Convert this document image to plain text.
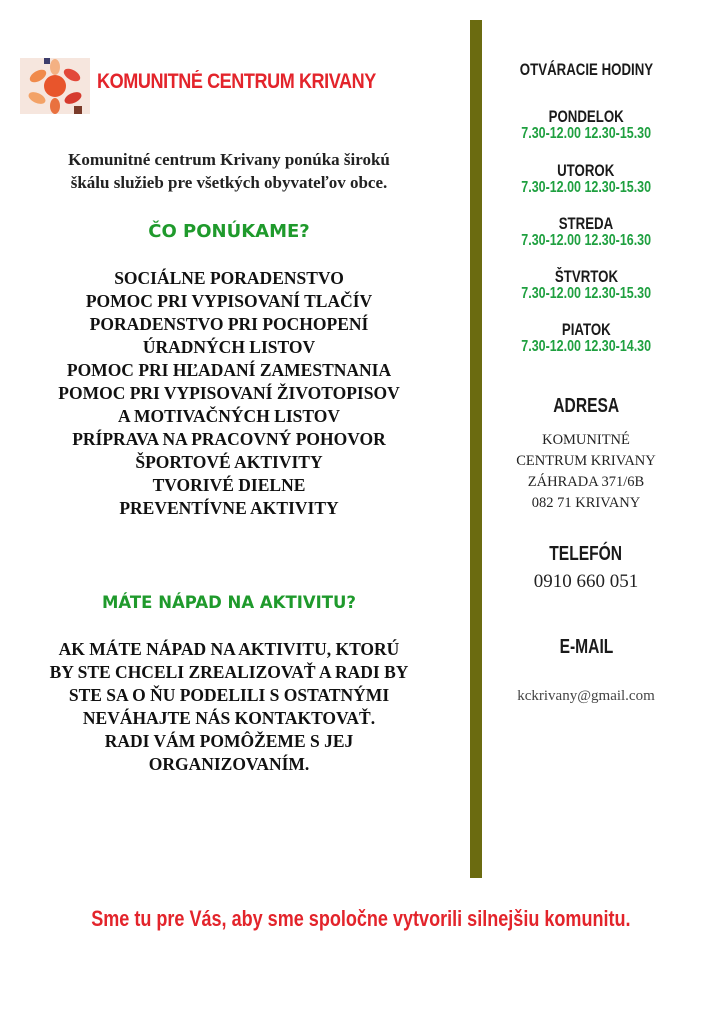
KOMUNITNÉ CENTRUM KRIVANY
Komunitné centrum Krivany ponúka širokú
škálu služieb pre všetkých obyvateľov obce.
ČO PONÚKAME?
SOCIÁLNE PORADENSTVO
POMOC PRI VYPISOVANÍ TLAČÍV
PORADENSTVO PRI POCHOPENÍ
ÚRADNÝCH LISTOV
POMOC PRI HĽADANÍ ZAMESTNANIA
POMOC PRI VYPISOVANÍ ŽIVOTOPISOV
A MOTIVAČNÝCH LISTOV
PRÍPRAVA NA PRACOVNÝ POHOVOR
ŠPORTOVÉ AKTIVITY
TVORIVÉ DIELNE
PREVENTÍVNE AKTIVITY
MÁTE NÁPAD NA AKTIVITU?
AK MÁTE NÁPAD NA AKTIVITU, KTORÚ
BY STE CHCELI ZREALIZOVAŤ A RADI BY
STE SA O ŇU PODELILI S OSTATNÝMI
NEVÁHAJTE NÁS KONTAKTOVAŤ.
RADI VÁM POMÔŽEME S JEJ
ORGANIZOVANÍM.
OTVÁRACIE HODINY
PONDELOK
7.30-12.00 12.30-15.30
UTOROK
7.30-12.00 12.30-15.30
STREDA
7.30-12.00 12.30-16.30
ŠTVRTOK
7.30-12.00 12.30-15.30
PIATOK
7.30-12.00 12.30-14.30
ADRESA
KOMUNITNÉ
CENTRUM KRIVANY
ZÁHRADA 371/6B
082 71 KRIVANY
TELEFÓN
0910 660 051
E-MAIL
kckrivany@gmail.com
Sme tu pre Vás, aby sme spoločne vytvorili silnejšiu komunitu.
